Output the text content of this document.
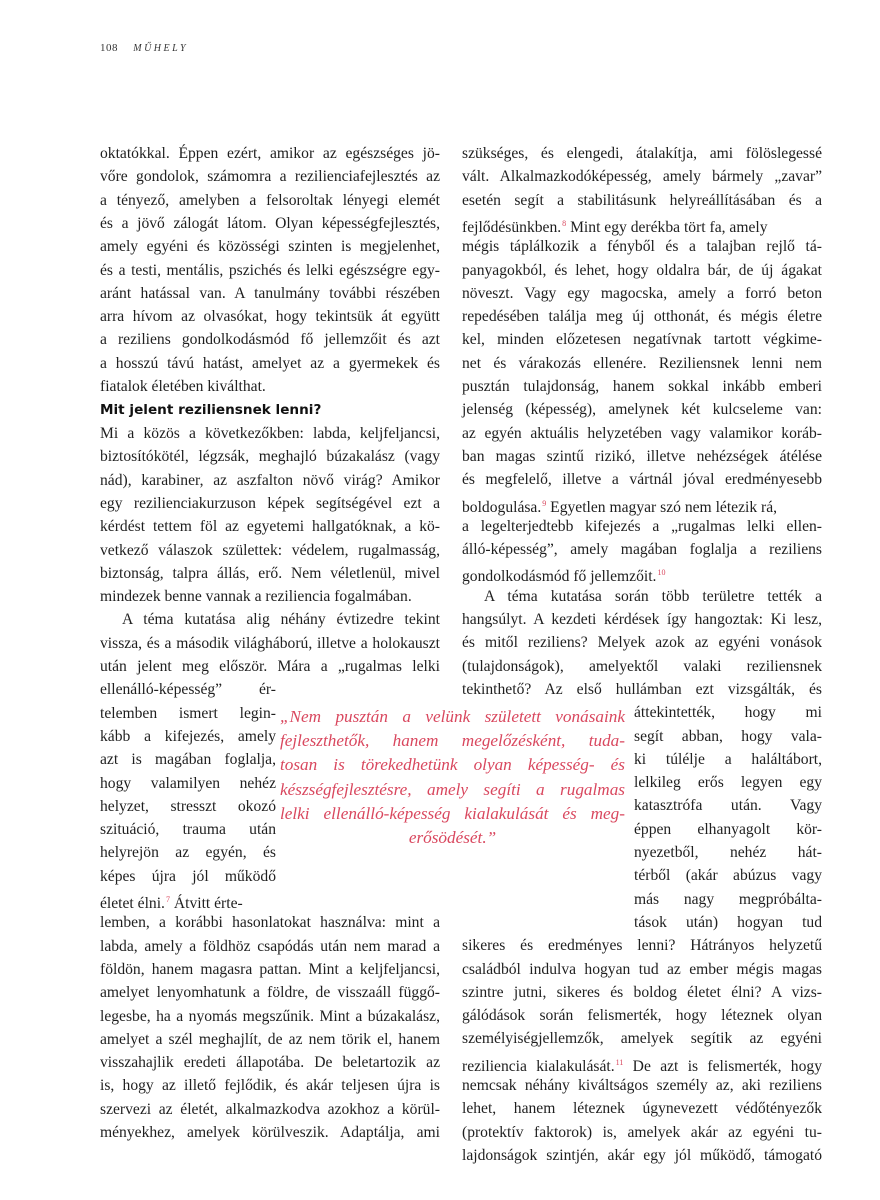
108 MŰHELY
oktatókkal. Éppen ezért, amikor az egészséges jö-
vőre gondolok, számomra a rezilienciafejlesztés az
a tényező, amelyben a felsoroltak lényegi elemét
és a jövő zálogát látom. Olyan képességfejlesztés,
amely egyéni és közösségi szinten is megjelenhet,
és a testi, mentális, pszichés és lelki egészségre egy-
aránt hatással van. A tanulmány további részében
arra hívom az olvasókat, hogy tekintsük át együtt
a reziliens gondolkodásmód fő jellemzőit és azt
a hosszú távú hatást, amelyet az a gyermekek és
fiatalok életében kiválthat.
Mit jelent reziliensnek lenni?
Mi a közös a következőkben: labda, keljfeljancsi,
biztosítókötél, légzsák, meghajló búzakalász (vagy
nád), karabiner, az aszfalton növő virág? Amikor
egy rezilienciakurzuson képek segítségével ezt a
kérdést tettem föl az egyetemi hallgatóknak, a kö-
vetkező válaszok születtek: védelem, rugalmasság,
biztonság, talpra állás, erő. Nem véletlenül, mivel
mindezek benne vannak a reziliencia fogalmában.
A téma kutatása alig néhány évtizedre tekint
vissza, és a második világháború, illetve a holokauszt
után jelent meg először. Mára a „rugalmas lelki
ellenálló-képesség” ér-
telemben ismert legin-
kább a kifejezés, amely
azt is magában foglalja,
hogy valamilyen nehéz
helyzet, stresszt okozó
szituáció, trauma után
helyrejön az egyén, és
képes újra jól működő
életet élni.$^7$ Átvitt érte-
lemben, a korábbi hasonlatokat használva: mint a
labda, amely a földhöz csapódás után nem marad a
földön, hanem magasra pattan. Mint a keljfeljancsi,
amelyet lenyomhatunk a földre, de visszaáll függő-
legesbe, ha a nyomás megszűnik. Mint a búzakalász,
amelyet a szél meghajlít, de az nem törik el, hanem
visszahajlik eredeti állapotába. De beletartozik az
is, hogy az illető fejlődik, és akár teljesen újra is
szervezi az életét, alkalmazkodva azokhoz a körül-
ményekhez, amelyek körülveszik. Adaptálja, ami
szükséges, és elengedi, átalakítja, ami fölöslegessé
vált. Alkalmazkodóképesség, amely bármely „zavar”
esetén segít a stabilitásunk helyreállításában és a
fejlődésünkben.$^8$ Mint egy derékba tört fa, amely
mégis táplálkozik a fényből és a talajban rejlő tá-
panyagokból, és lehet, hogy oldalra bár, de új ágakat
növeszt. Vagy egy magocska, amely a forró beton
repedésében találja meg új otthonát, és mégis életre
kel, minden előzetesen negatívnak tartott végkime-
net és várakozás ellenére. Reziliensnek lenni nem
pusztán tulajdonság, hanem sokkal inkább emberi
jelenség (képesség), amelynek két kulcseleme van:
az egyén aktuális helyzetében vagy valamikor koráb-
ban magas szintű rizikó, illetve nehézségek átélése
és megfelelő, illetve a vártnál jóval eredményesebb
boldogulása.$^9$ Egyetlen magyar szó nem létezik rá,
a legelterjedtebb kifejezés a „rugalmas lelki ellen-
álló-képesség”, amely magában foglalja a reziliens
gondolkodásmód fő jellemzőit.$^{10}$
A téma kutatása során több területre tették a
hangsúlyt. A kezdeti kérdések így hangoztak: Ki lesz,
és mitől reziliens? Melyek azok az egyéni vonások
(tulajdonságok), amelyektől valaki reziliensnek
tekinthető? Az első hullámban ezt vizsgálták, és
áttekintették, hogy mi
segít abban, hogy vala-
ki túlélje a haláltábort,
lelkileg erős legyen egy
katasztrófa után. Vagy
éppen elhanyagolt kör-
nyezetből, nehéz hát-
térből (akár abúzus vagy
más nagy megpróbálta-
tások után) hogyan tud
sikeres és eredményes lenni? Hátrányos helyzetű
családból indulva hogyan tud az ember mégis magas
szintre jutni, sikeres és boldog életet élni? A vizs-
gálódások során felismerték, hogy léteznek olyan
személyiségjellemzők, amelyek segítik az egyéni
reziliencia kialakulását.$^{11}$ De azt is felismerték, hogy
nemcsak néhány kiváltságos személy az, aki reziliens
lehet, hanem léteznek úgynevezett védőtényezők
(protektív faktorok) is, amelyek akár az egyéni tu-
lajdonságok szintjén, akár egy jól működő, támogató
„Nem pusztán a velünk született vonásaink
fejleszthetők, hanem megelőzésként, tuda-
tosan is törekedhetünk olyan képesség- és
készségfejlesztésre, amely segíti a rugalmas
lelki ellenálló-képesség kialakulását és meg-
erősödését.”
